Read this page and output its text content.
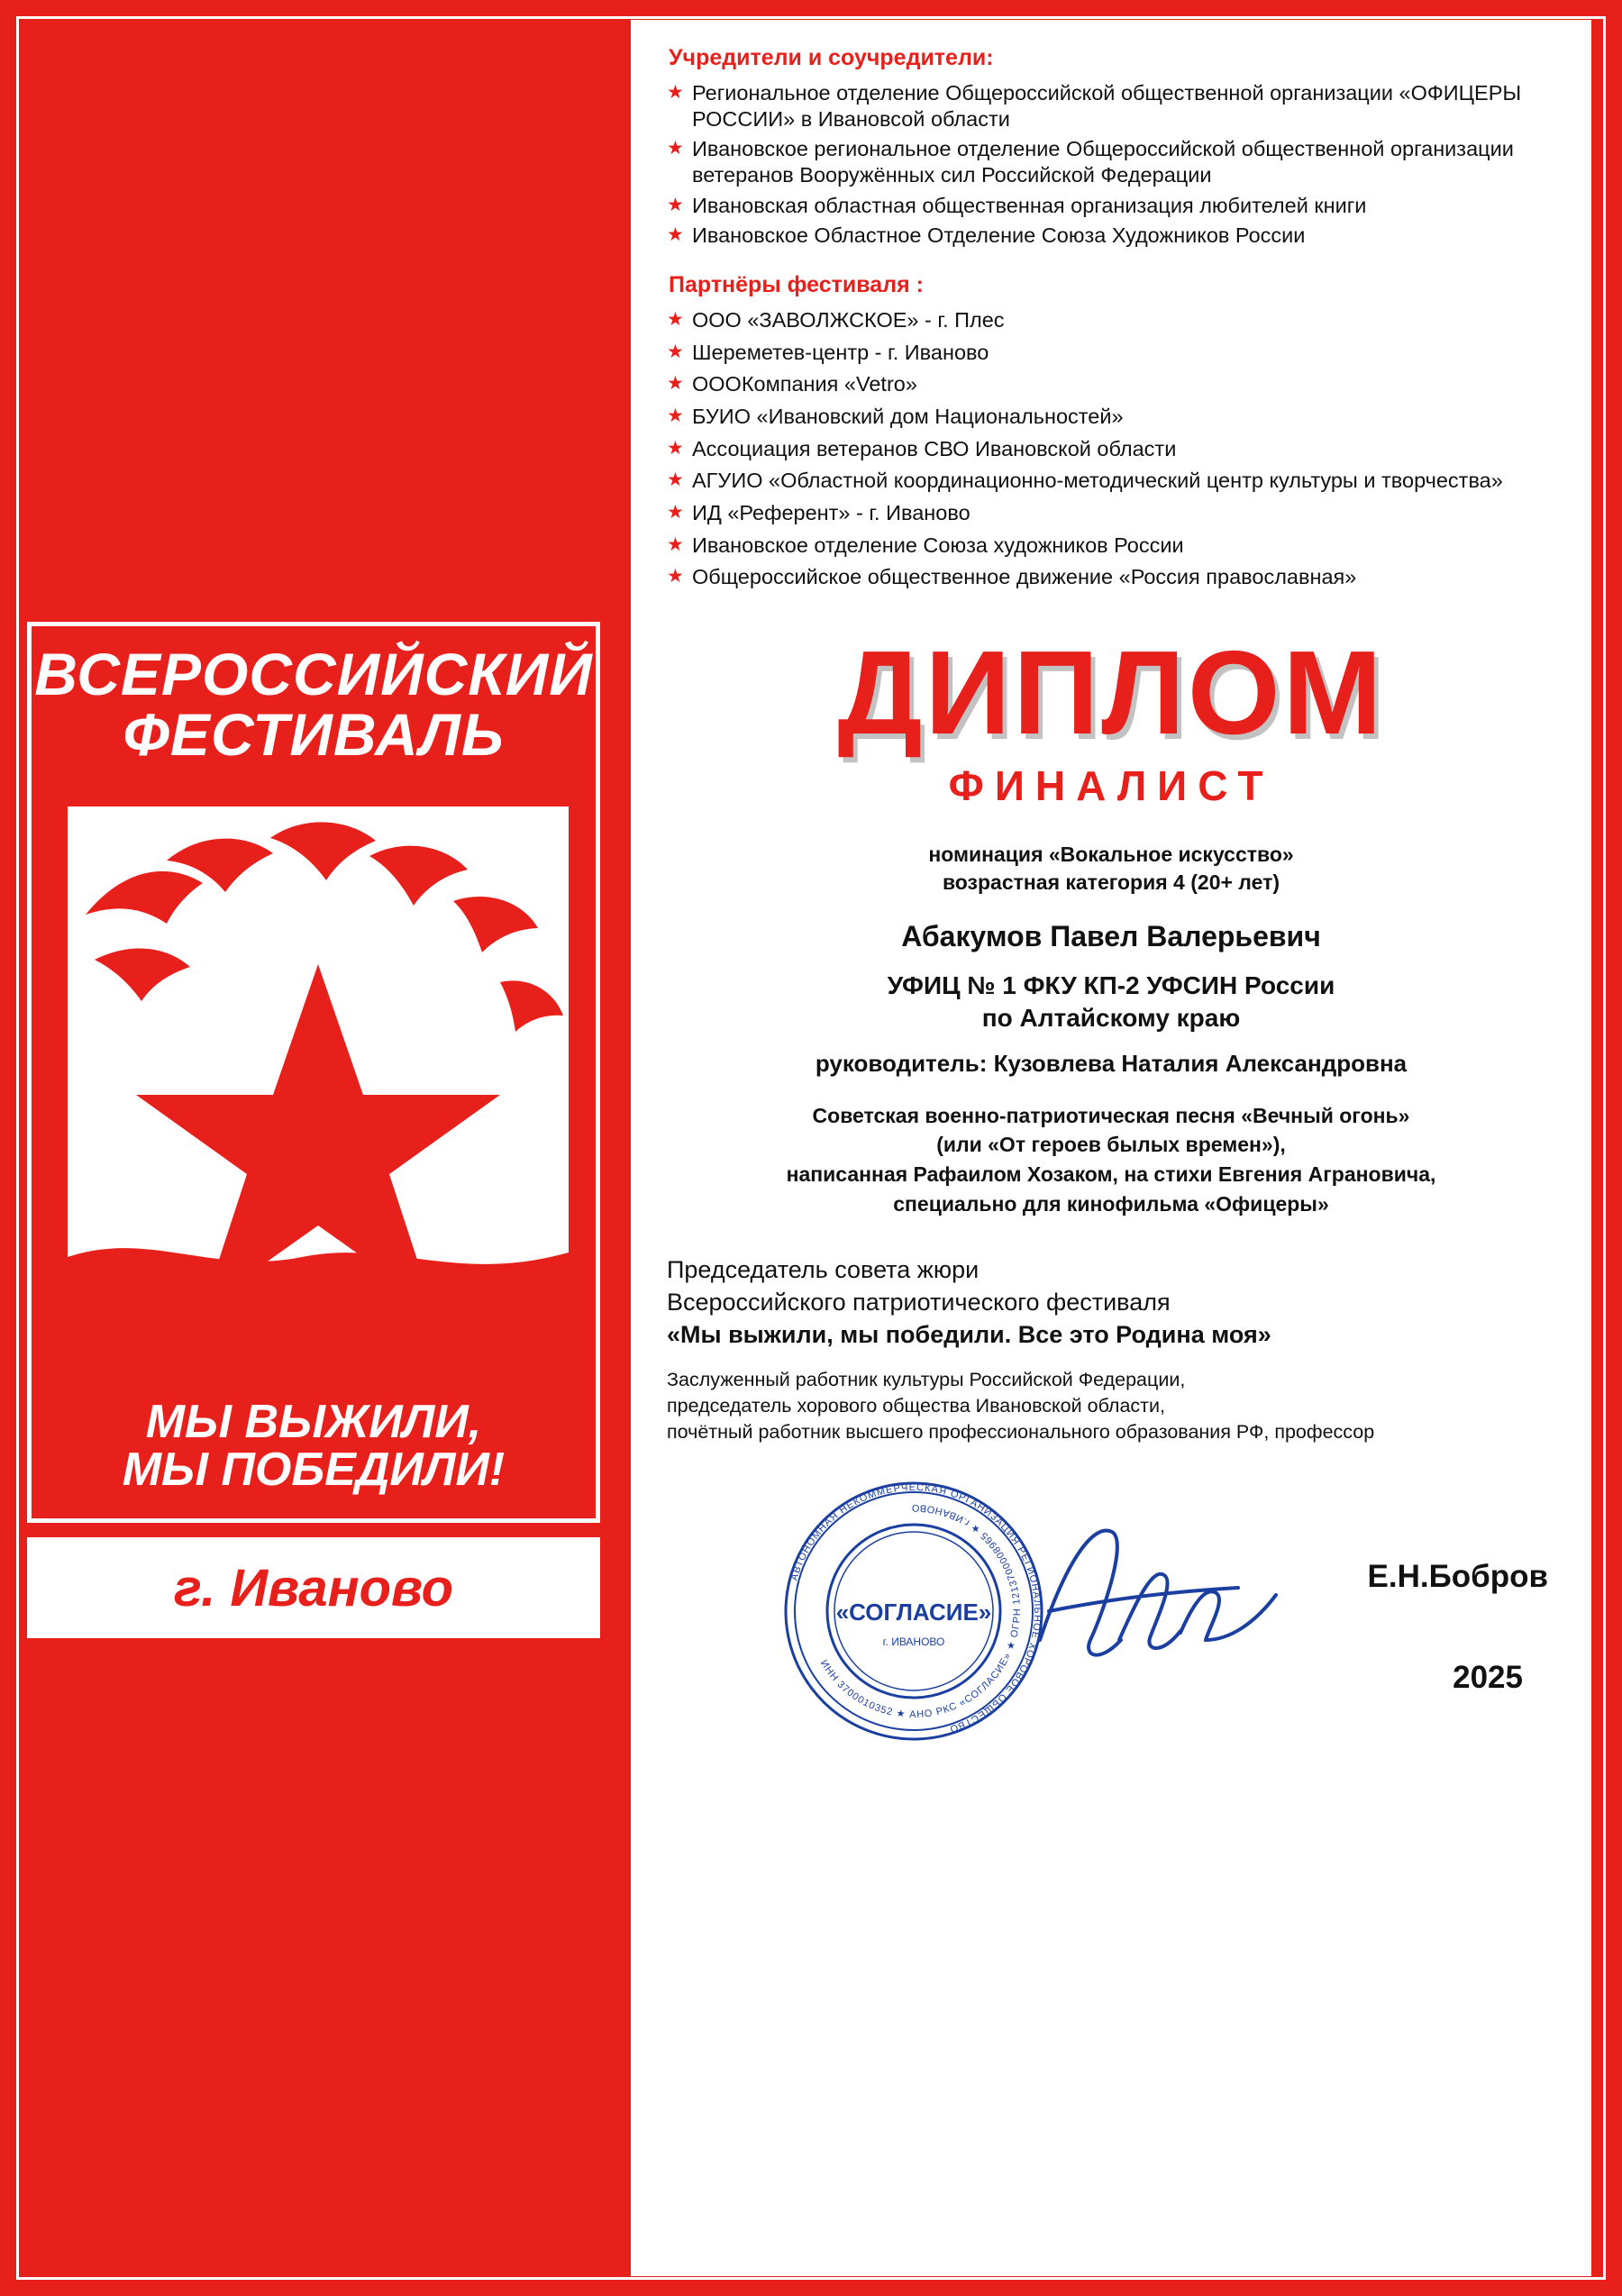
ВСЕРОССИЙСКИЙ
ФЕСТИВАЛЬ
МЫ ВЫЖИЛИ,
МЫ ПОБЕДИЛИ!
г. Иваново
Учредители и соучредители:
★ Региональное отделение Общероссийской общественной организации «ОФИЦЕРЫ РОССИИ» в Ивановсой области
★ Ивановское региональное отделение Общероссийской общественной организации ветеранов Вооружённых сил Российской Федерации
★ Ивановская областная общественная организация любителей книги
★ Ивановское Областное Отделение Союза Художников России
Партнёры фестиваля :
★ ООО «ЗАВОЛЖСКОЕ» - г. Плес
★ Шереметев-центр - г. Иваново
★ ОООКомпания «Vetro»
★ БУИО «Ивановский дом Национальностей»
★ Ассоциация ветеранов СВО Ивановской области
★ АГУИО «Областной координационно-методический центр культуры и творчества»
★ ИД «Референт» - г. Иваново
★ Ивановское отделение Союза художников России
★ Общероссийское общественное движение «Россия православная»
ДИПЛОМ
ФИНАЛИСТ
номинация «Вокальное искусство»
возрастная категория 4 (20+ лет)
Абакумов Павел Валерьевич
УФИЦ № 1 ФКУ КП-2 УФСИН России
по Алтайскому краю
руководитель: Кузовлева Наталия Александровна
Советская военно-патриотическая песня «Вечный огонь»
(или «От героев былых времен»),
написанная Рафаилом Хозаком, на стихи Евгения Аграновича,
специально для кинофильма «Офицеры»
Председатель совета жюри
Всероссийского патриотического фестиваля
«Мы выжили, мы победили. Все это Родина моя»
Заслуженный работник культуры Российской Федерации,
председатель хорового общества Ивановской области,
почётный работник высшего профессионального образования РФ, профессор
АВТОНОМНАЯ НЕКОММЕРЧЕСКАЯ ОРГАНИЗАЦИЯ РЕГИОНАЛЬНОЕ ХОРОВОЕ ОБЩЕСТВО
ИНН 3700010352 ★ АНО РКС «СОГЛАСИЕ» ★ ОГРН 1213700008965 ★ г.ИВАНОВО
«СОГЛАСИЕ»
г. ИВАНОВО
Е.Н.Бобров
2025
